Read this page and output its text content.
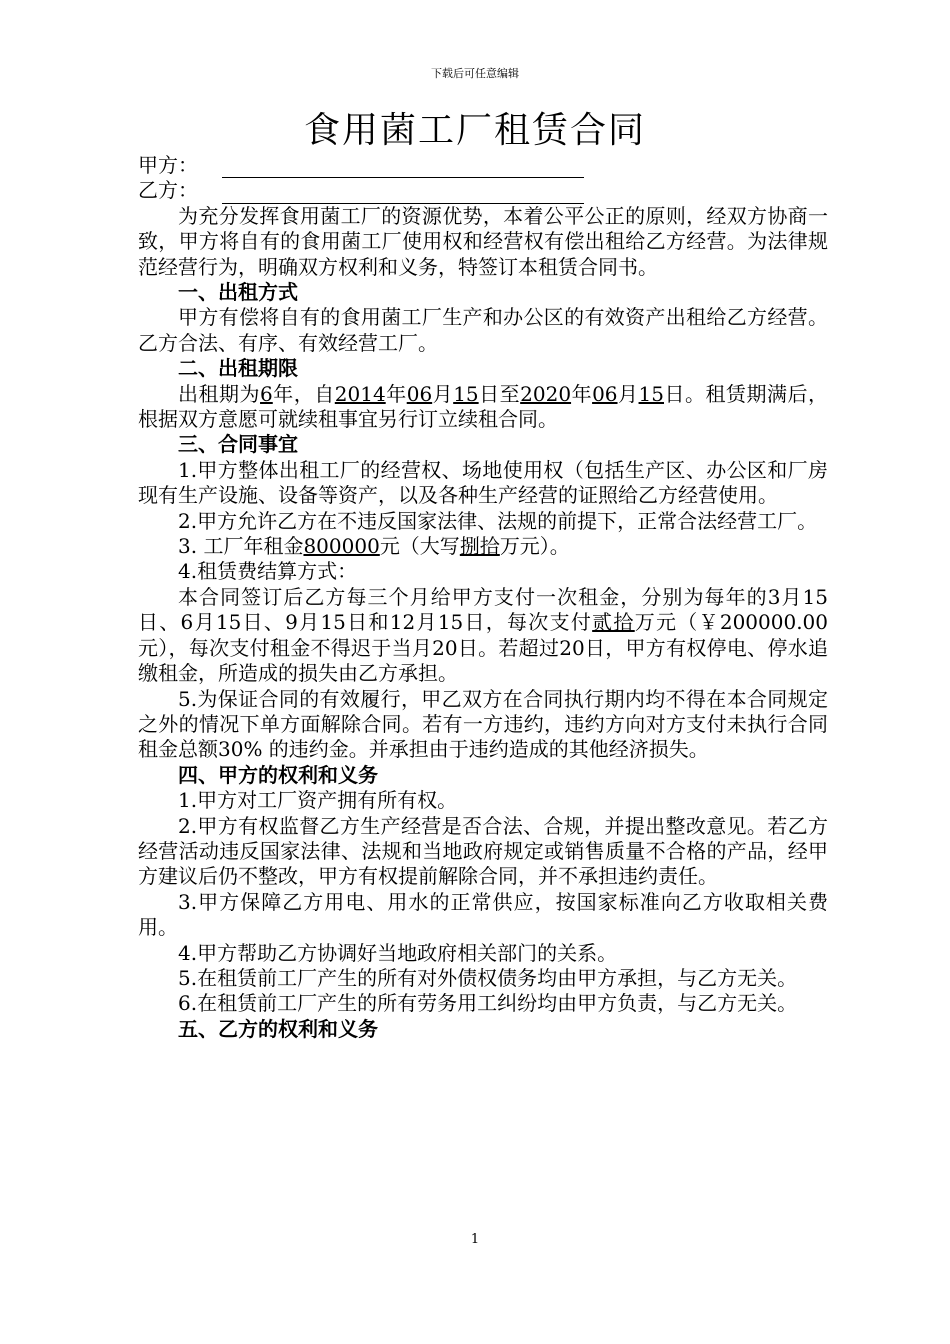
下载后可任意编辑
食用菌工厂租赁合同
甲方：
乙方：

为充分发挥食用菌工厂的资源优势，本着公平公正的原则，经双方协商一致，甲方将自有的食用菌工厂使用权和经营权有偿出租给乙方经营。为法律规范经营行为，明确双方权利和义务，特签订本租赁合同书。

一、出租方式

甲方有偿将自有的食用菌工厂生产和办公区的有效资产出租给乙方经营。乙方合法、有序、有效经营工厂。

二、出租期限

出租期为6年，自2014年06月15日至2020年06月15日。租赁期满后，根据双方意愿可就续租事宜另行订立续租合同。

三、合同事宜

1.甲方整体出租工厂的经营权、场地使用权（包括生产区、办公区和厂房现有生产设施、设备等资产，以及各种生产经营的证照给乙方经营使用。

2.甲方允许乙方在不违反国家法律、法规的前提下，正常合法经营工厂。

3. 工厂年租金800000元（大写捌拾万元）。

4.租赁费结算方式：

本合同签订后乙方每三个月给甲方支付一次租金，分别为每年的3月15日、6月15日、9月15日和12月15日，每次支付贰拾万元（￥200000.00元），每次支付租金不得迟于当月20日。若超过20日，甲方有权停电、停水追缴租金，所造成的损失由乙方承担。

5.为保证合同的有效履行，甲乙双方在合同执行期内均不得在本合同规定之外的情况下单方面解除合同。若有一方违约，违约方向对方支付未执行合同租金总额30% 的违约金。并承担由于违约造成的其他经济损失。

四、甲方的权利和义务

1.甲方对工厂资产拥有所有权。

2.甲方有权监督乙方生产经营是否合法、合规，并提出整改意见。若乙方经营活动违反国家法律、法规和当地政府规定或销售质量不合格的产品，经甲方建议后仍不整改，甲方有权提前解除合同，并不承担违约责任。

3.甲方保障乙方用电、用水的正常供应，按国家标准向乙方收取相关费用。

4.甲方帮助乙方协调好当地政府相关部门的关系。

5.在租赁前工厂产生的所有对外债权债务均由甲方承担，与乙方无关。

6.在租赁前工厂产生的所有劳务用工纠纷均由甲方负责，与乙方无关。

五、乙方的权利和义务

1
